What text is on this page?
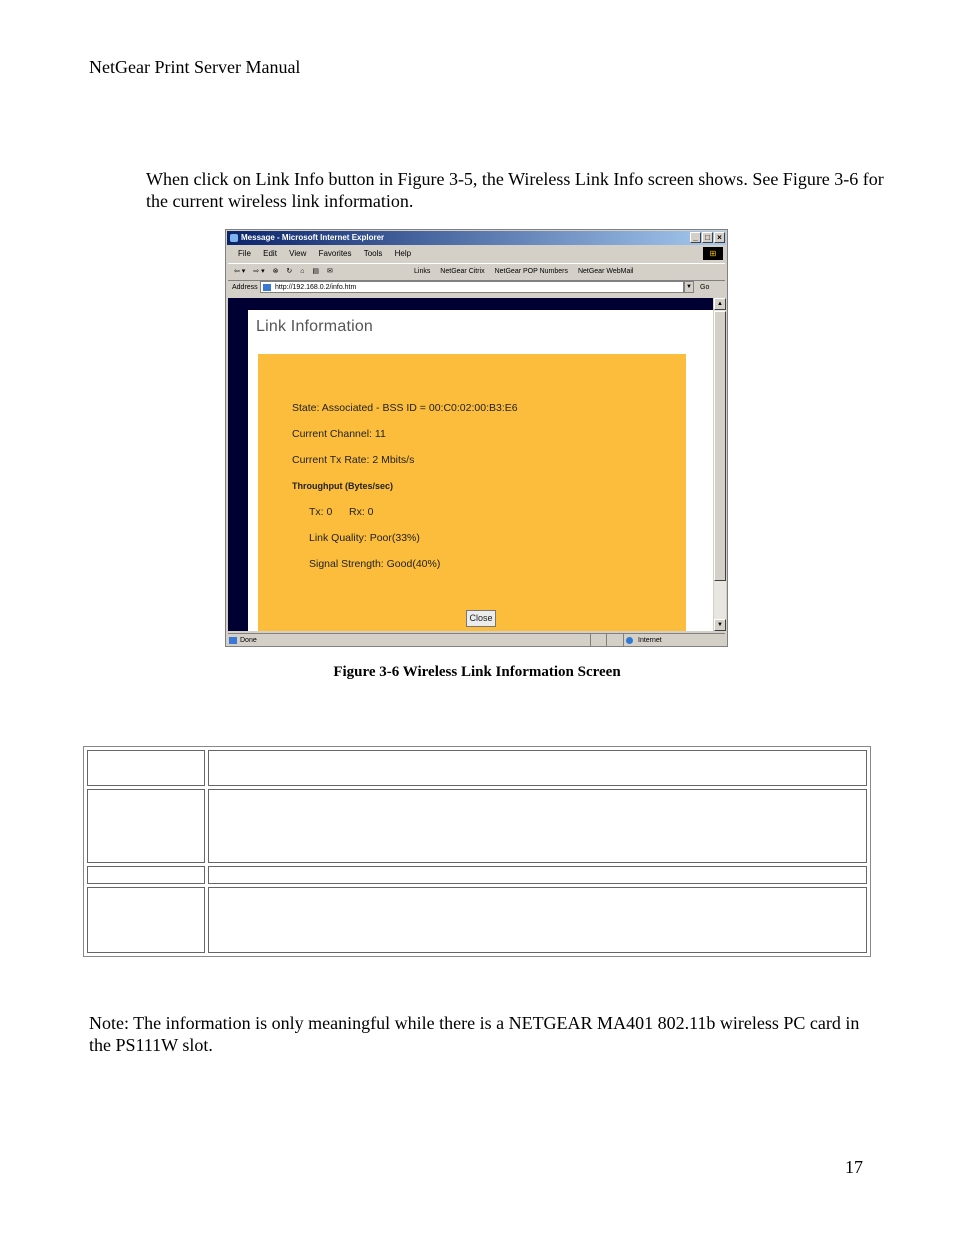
NetGear Print Server Manual
When click on Link Info button in Figure 3-5, the Wireless Link Info screen shows. See Figure 3-6 for the current wireless link information.
Message - Microsoft Internet Explorer	_ □ ×
File Edit View Favorites Tools Help	⊞
⇦ ▾ ⇨ ▾ ⊗ ↻ ⌂ ▤ ✉	Links NetGear Citrix NetGear POP Numbers NetGear WebMail
Address	http://192.168.0.2/info.htm	▼ Go
Link Information
State: Associated - BSS ID = 00:C0:02:00:B3:E6
Current Channel: 11
Current Tx Rate: 2 Mbits/s
Throughput (Bytes/sec)
Tx: 0 Rx: 0
Link Quality: Poor(33%)
Signal Strength: Good(40%)
Close
▲
▼
Done	Internet
Figure 3-6 Wireless Link Information Screen
Note: The information is only meaningful while there is a NETGEAR MA401 802.11b wireless PC card in the PS111W slot.
17
